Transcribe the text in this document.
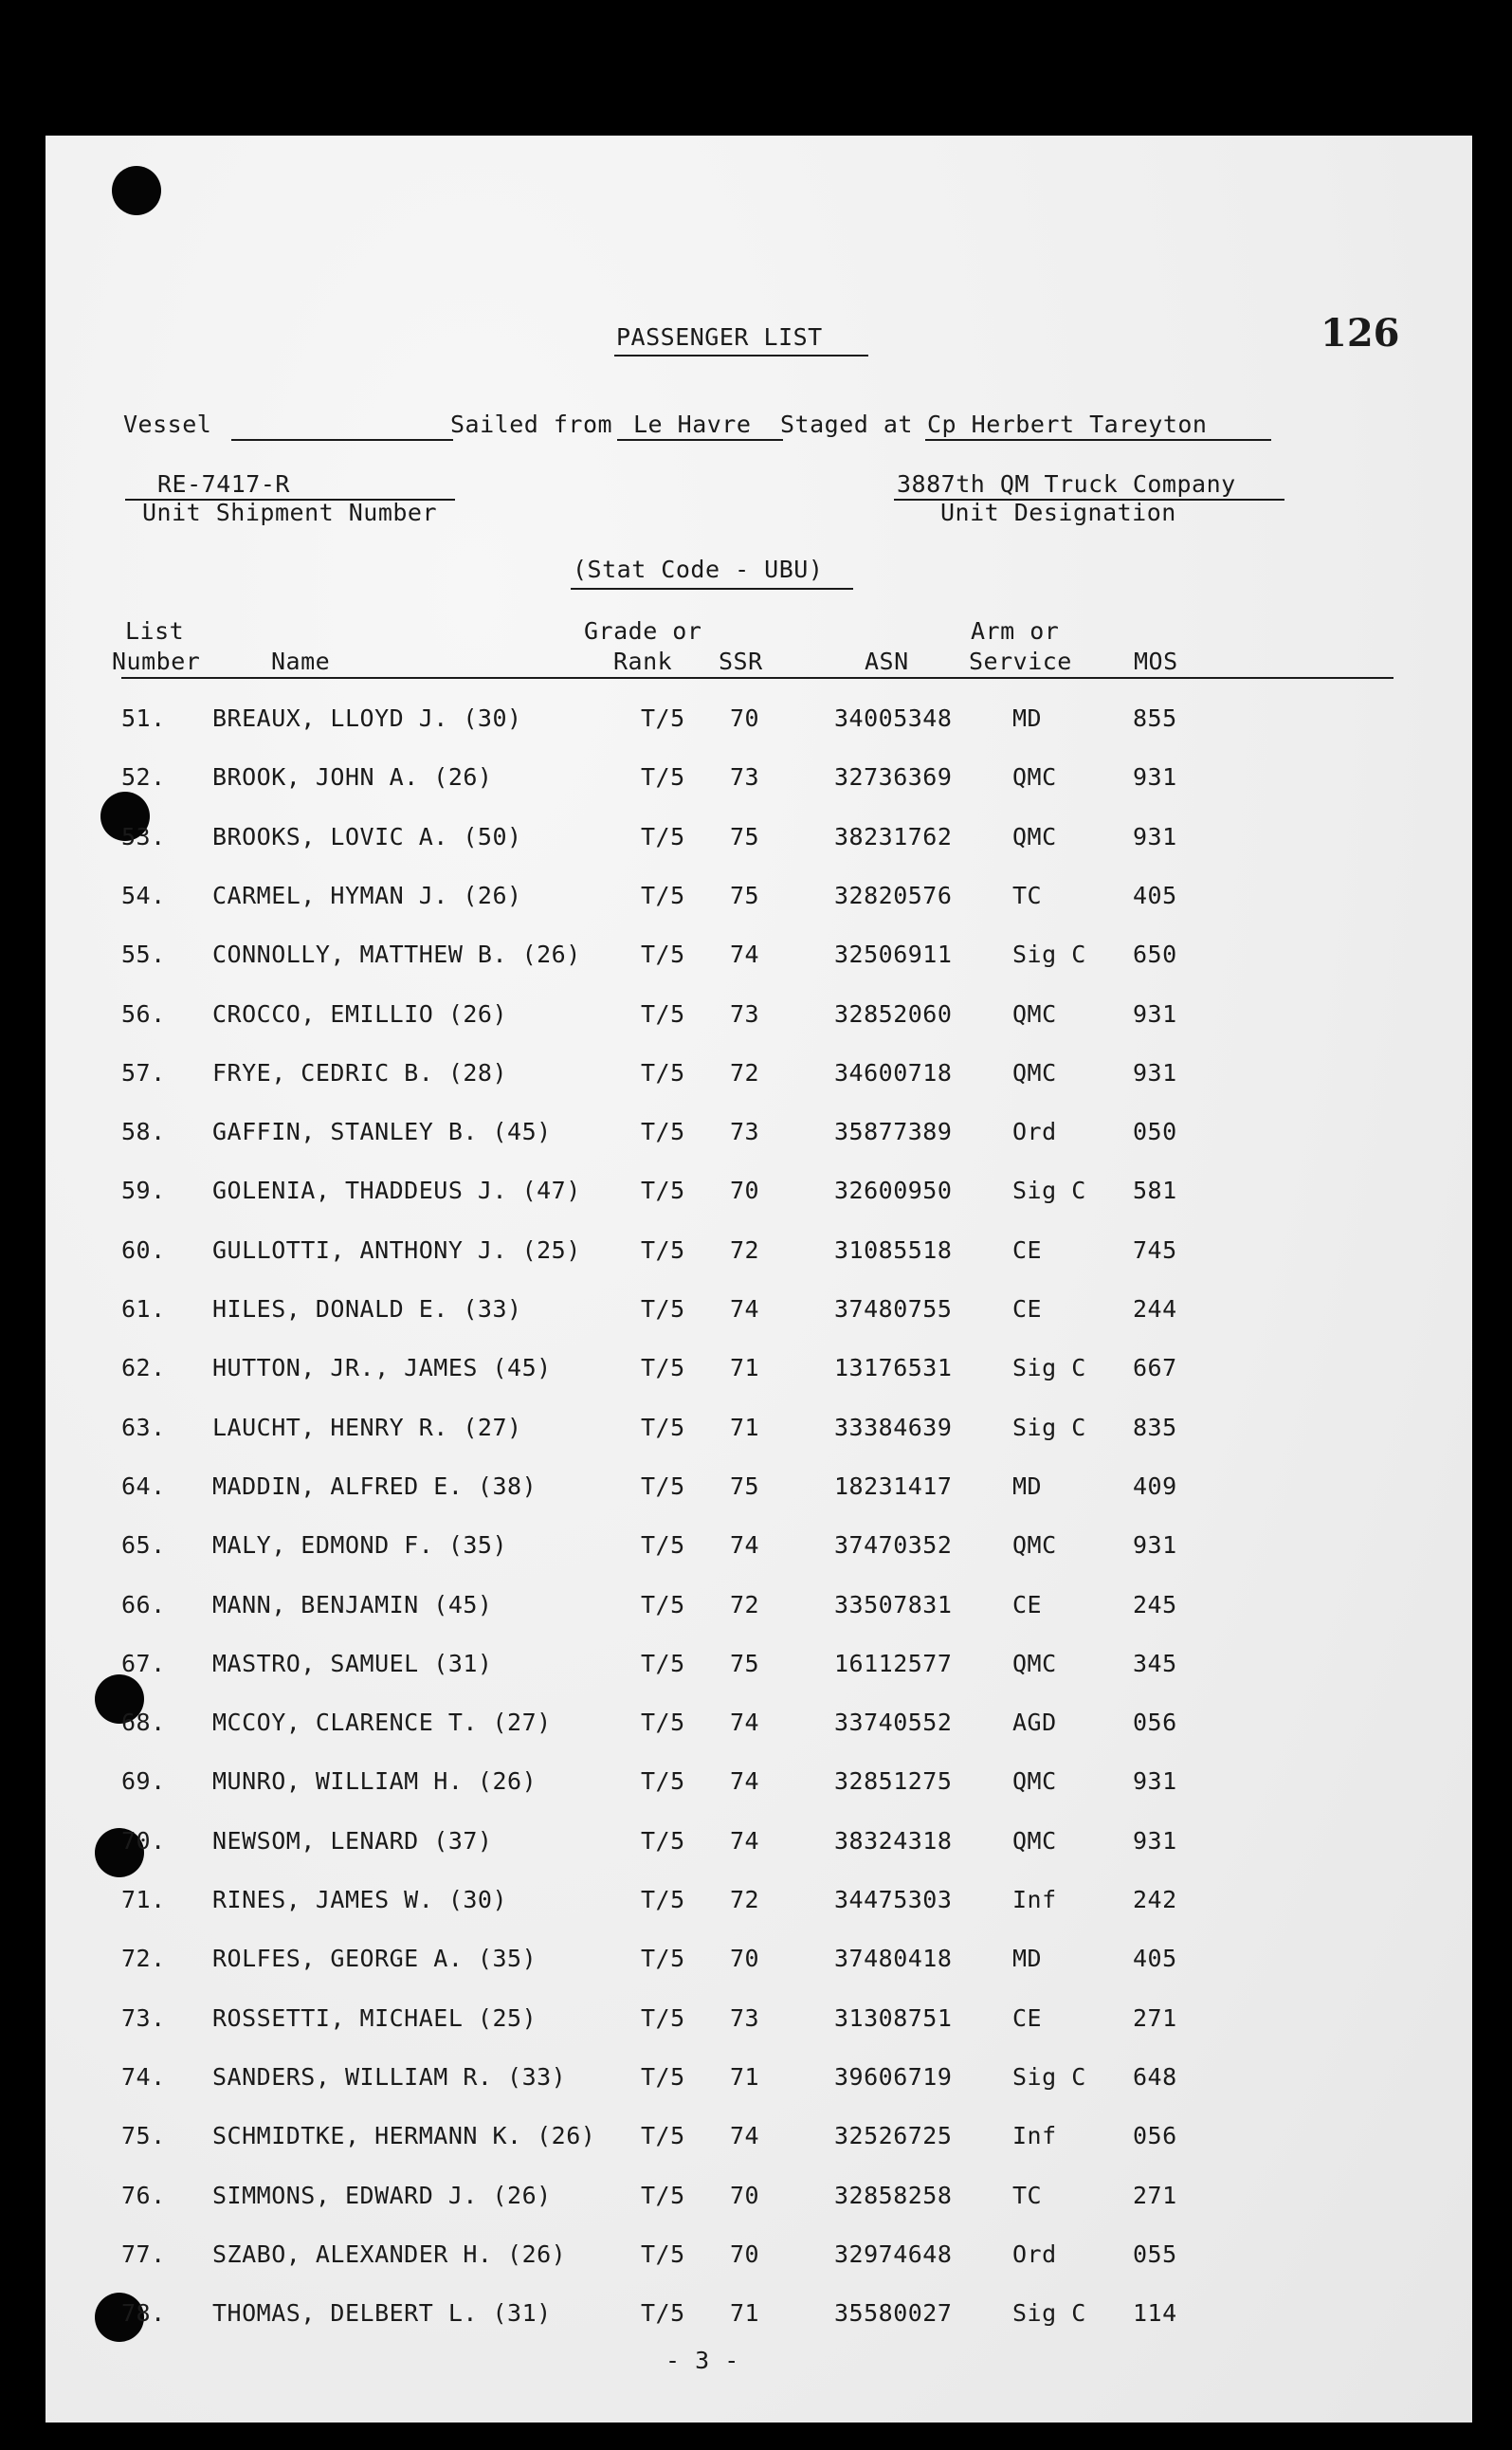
126
PASSENGER LIST
Vessel	Sailed from Le Havre Staged at Cp Herbert Tareyton
RE-7417-R
Unit Shipment Number
3887th QM Truck Company
Unit Designation
(Stat Code - UBU)
List
Number	Name
Grade or
Rank SSR	ASN
Arm or
Service	MOS
51. BREAUX, LLOYD J. (30)	T/5 70	34005348	MD	855
52. BROOK, JOHN A. (26)	T/5 73	32736369	QMC	931
53. BROOKS, LOVIC A. (50)	T/5 75	38231762	QMC	931
54. CARMEL, HYMAN J. (26)	T/5 75	32820576	TC	405
55. CONNOLLY, MATTHEW B. (26)	T/5 74	32506911	Sig C 650
56. CROCCO, EMILLIO (26)	T/5 73	32852060	QMC	931
57. FRYE, CEDRIC B. (28)	T/5 72	34600718	QMC	931
58. GAFFIN, STANLEY B. (45)	T/5 73	35877389	Ord	050
59. GOLENIA, THADDEUS J. (47)	T/5 70	32600950	Sig C 581
60. GULLOTTI, ANTHONY J. (25)	T/5 72	31085518	CE	745
61. HILES, DONALD E. (33)	T/5 74	37480755	CE	244
62. HUTTON, JR., JAMES (45)	T/5 71	13176531	Sig C 667
63. LAUCHT, HENRY R. (27)	T/5 71	33384639	Sig C 835
64. MADDIN, ALFRED E. (38)	T/5 75	18231417	MD	409
65. MALY, EDMOND F. (35)	T/5 74	37470352	QMC	931
66. MANN, BENJAMIN (45)	T/5 72	33507831	CE	245
67. MASTRO, SAMUEL (31)	T/5 75	16112577	QMC	345
68. MCCOY, CLARENCE T. (27)	T/5 74	33740552	AGD	056
69. MUNRO, WILLIAM H. (26)	T/5 74	32851275	QMC	931
70. NEWSOM, LENARD (37)	T/5 74	38324318	QMC	931
71. RINES, JAMES W. (30)	T/5 72	34475303	Inf	242
72. ROLFES, GEORGE A. (35)	T/5 70	37480418	MD	405
73. ROSSETTI, MICHAEL (25)	T/5 73	31308751	CE	271
74. SANDERS, WILLIAM R. (33)	T/5 71	39606719	Sig C 648
75. SCHMIDTKE, HERMANN K. (26) T/5 74	32526725	Inf	056
76. SIMMONS, EDWARD J. (26)	T/5 70	32858258	TC	271
77. SZABO, ALEXANDER H. (26)	T/5 70	32974648	Ord	055
78. THOMAS, DELBERT L. (31)	T/5 71	35580027	Sig C 114
- 3 -
